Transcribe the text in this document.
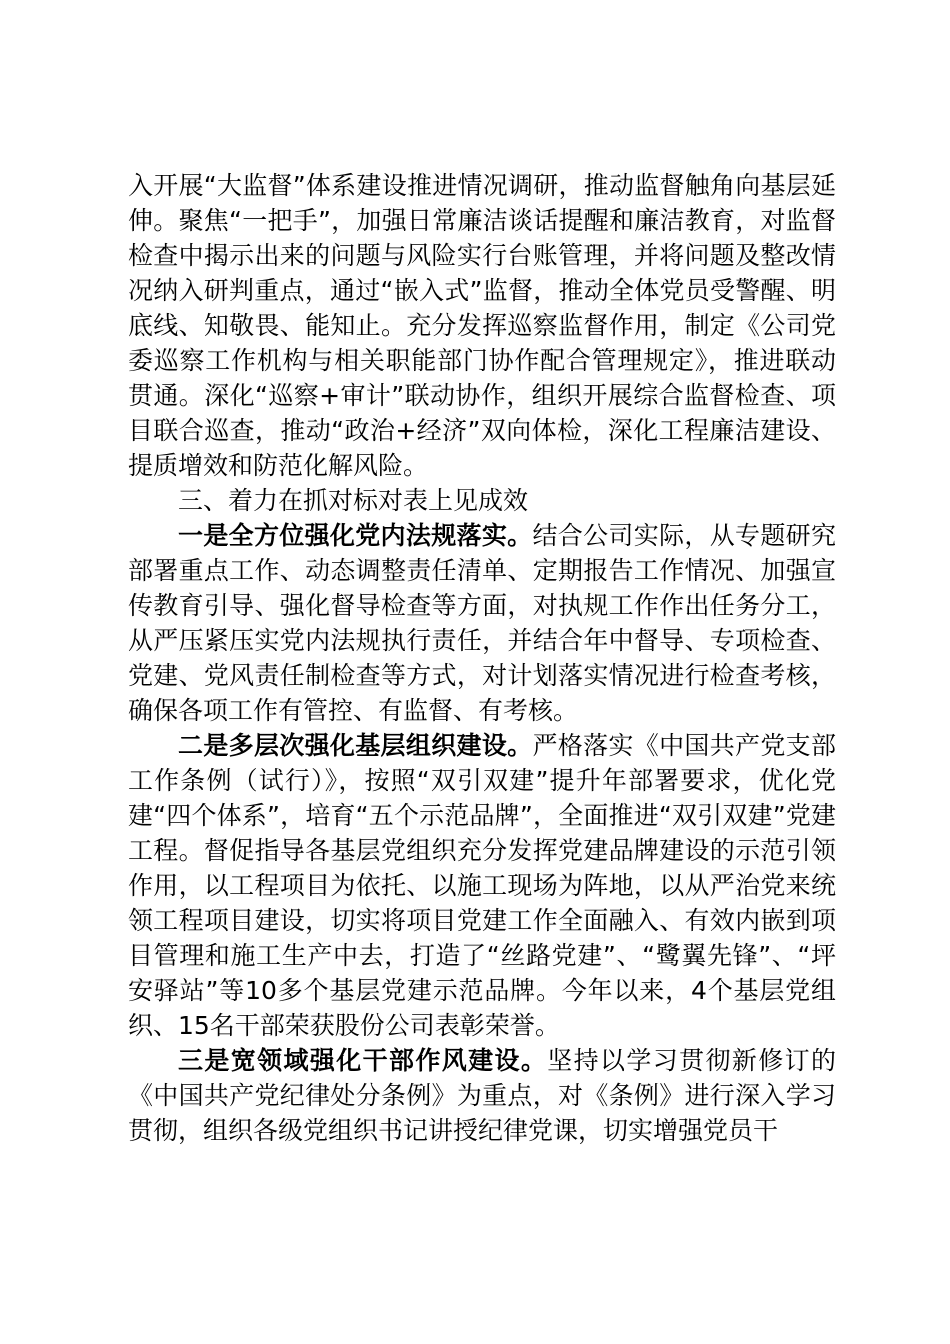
入开展“大监督”体系建设推进情况调研，推动监督触角向基层延伸。聚焦“一把手”，加强日常廉洁谈话提醒和廉洁教育，对监督检查中揭示出来的问题与风险实行台账管理，并将问题及整改情况纳入研判重点，通过“嵌入式”监督，推动全体党员受警醒、明底线、知敬畏、能知止。充分发挥巡察监督作用，制定《公司党委巡察工作机构与相关职能部门协作配合管理规定》，推进联动贯通。深化“巡察+审计”联动协作，组织开展综合监督检查、项目联合巡查，推动“政治+经济”双向体检，深化工程廉洁建设、提质增效和防范化解风险。

三、着力在抓对标对表上见成效

一是全方位强化党内法规落实。结合公司实际，从专题研究部署重点工作、动态调整责任清单、定期报告工作情况、加强宣传教育引导、强化督导检查等方面，对执规工作作出任务分工，从严压紧压实党内法规执行责任，并结合年中督导、专项检查、党建、党风责任制检查等方式，对计划落实情况进行检查考核，确保各项工作有管控、有监督、有考核。

二是多层次强化基层组织建设。严格落实《中国共产党支部工作条例（试行）》，按照“双引双建”提升年部署要求，优化党建“四个体系”，培育“五个示范品牌”，全面推进“双引双建”党建工程。督促指导各基层党组织充分发挥党建品牌建设的示范引领作用，以工程项目为依托、以施工现场为阵地，以从严治党来统领工程项目建设，切实将项目党建工作全面融入、有效内嵌到项目管理和施工生产中去，打造了“丝路党建”、“鹭翼先锋”、“坪安驿站”等10多个基层党建示范品牌。今年以来，4个基层党组织、15名干部荣获股份公司表彰荣誉。

三是宽领域强化干部作风建设。坚持以学习贯彻新修订的《中国共产党纪律处分条例》为重点，对《条例》进行深入学习贯彻，组织各级党组织书记讲授纪律党课，切实增强党员干
